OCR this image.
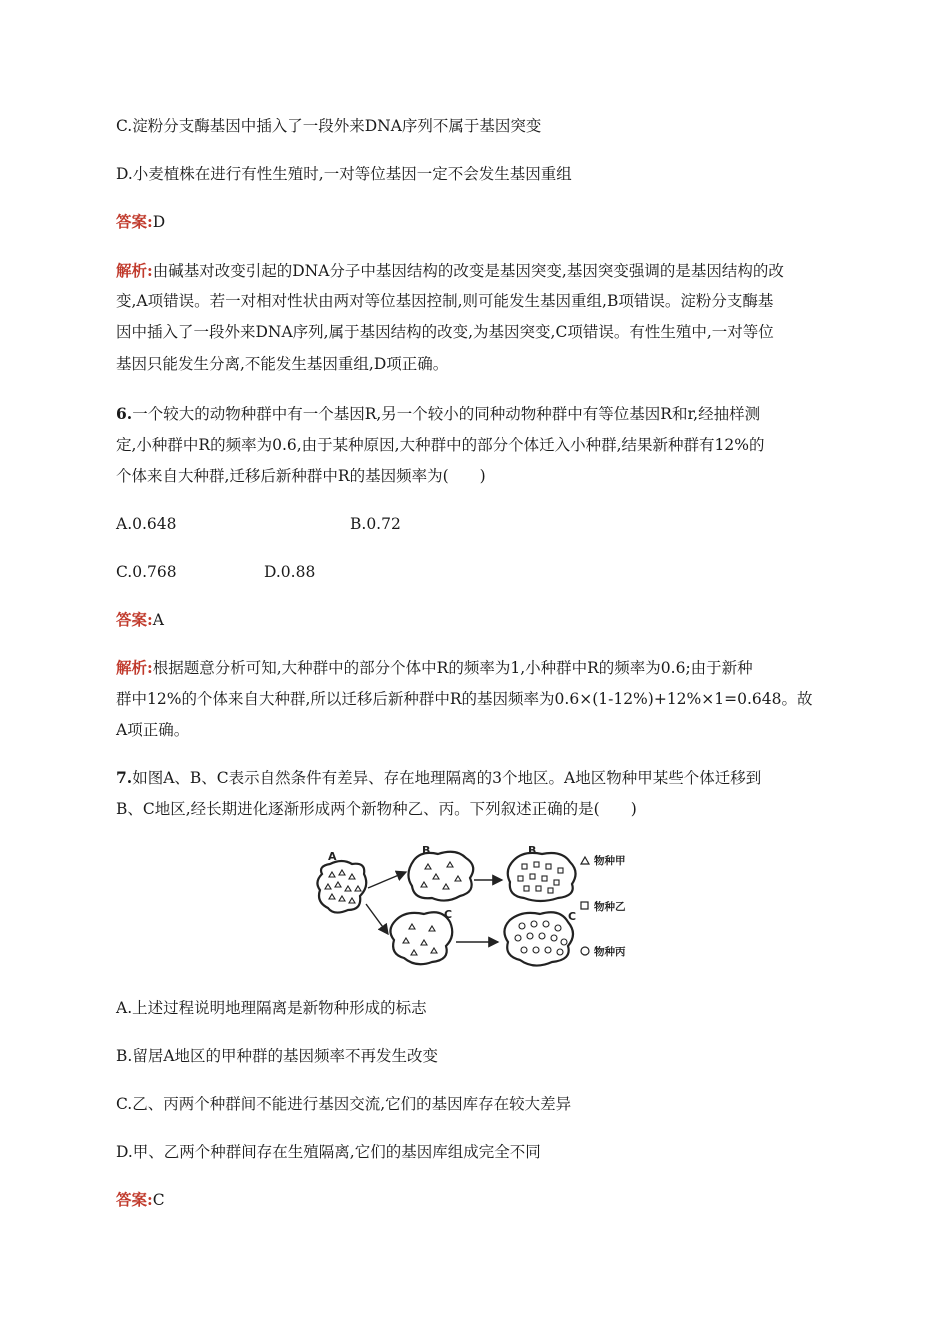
C.淀粉分支酶基因中插入了一段外来DNA序列不属于基因突变
D.小麦植株在进行有性生殖时,一对等位基因一定不会发生基因重组
答案:D
解析:由碱基对改变引起的DNA分子中基因结构的改变是基因突变,基因突变强调的是基因结构的改
变,A项错误。若一对相对性状由两对等位基因控制,则可能发生基因重组,B项错误。淀粉分支酶基
因中插入了一段外来DNA序列,属于基因结构的改变,为基因突变,C项错误。有性生殖中,一对等位
基因只能发生分离,不能发生基因重组,D项正确。
6.一个较大的动物种群中有一个基因R,另一个较小的同种动物种群中有等位基因R和r,经抽样测
定,小种群中R的频率为0.6,由于某种原因,大种群中的部分个体迁入小种群,结果新种群有12%的
个体来自大种群,迁移后新种群中R的基因频率为(　　)
A.0.648	B.0.72
C.0.768	D.0.88
答案:A
解析:根据题意分析可知,大种群中的部分个体中R的频率为1,小种群中R的频率为0.6;由于新种
群中12%的个体来自大种群,所以迁移后新种群中R的基因频率为0.6×(1-12%)+12%×1=0.648。故
A项正确。
7.如图A、B、C表示自然条件有差异、存在地理隔离的3个地区。A地区物种甲某些个体迁移到
B、C地区,经长期进化逐渐形成两个新物种乙、丙。下列叙述正确的是(　　)
A	B
C
B
C
物种甲
物种乙
物种丙
A.上述过程说明地理隔离是新物种形成的标志
B.留居A地区的甲种群的基因频率不再发生改变
C.乙、丙两个种群间不能进行基因交流,它们的基因库存在较大差异
D.甲、乙两个种群间存在生殖隔离,它们的基因库组成完全不同
答案:C
